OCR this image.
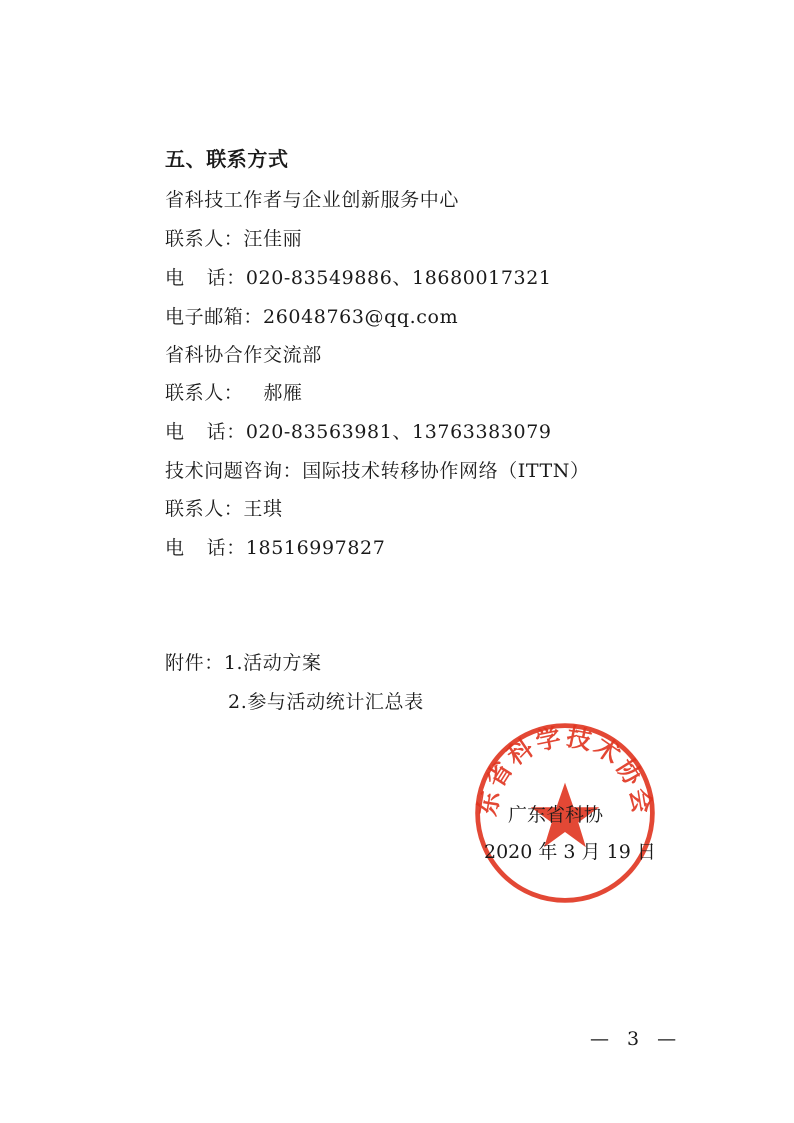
五、联系方式
省科技工作者与企业创新服务中心
联系人：汪佳丽
电 话：020-83549886、18680017321
电子邮箱：26048763@qq.com
省科协合作交流部
联系人： 郝雁
电 话：020-83563981、13763383079
技术问题咨询：国际技术转移协作网络（ITTN）
联系人：王琪
电 话：18516997827
附件：1.活动方案
2.参与活动统计汇总表
东省科学技术协会
广东省科协
2020 年 3 月 19 日
— 3 —
